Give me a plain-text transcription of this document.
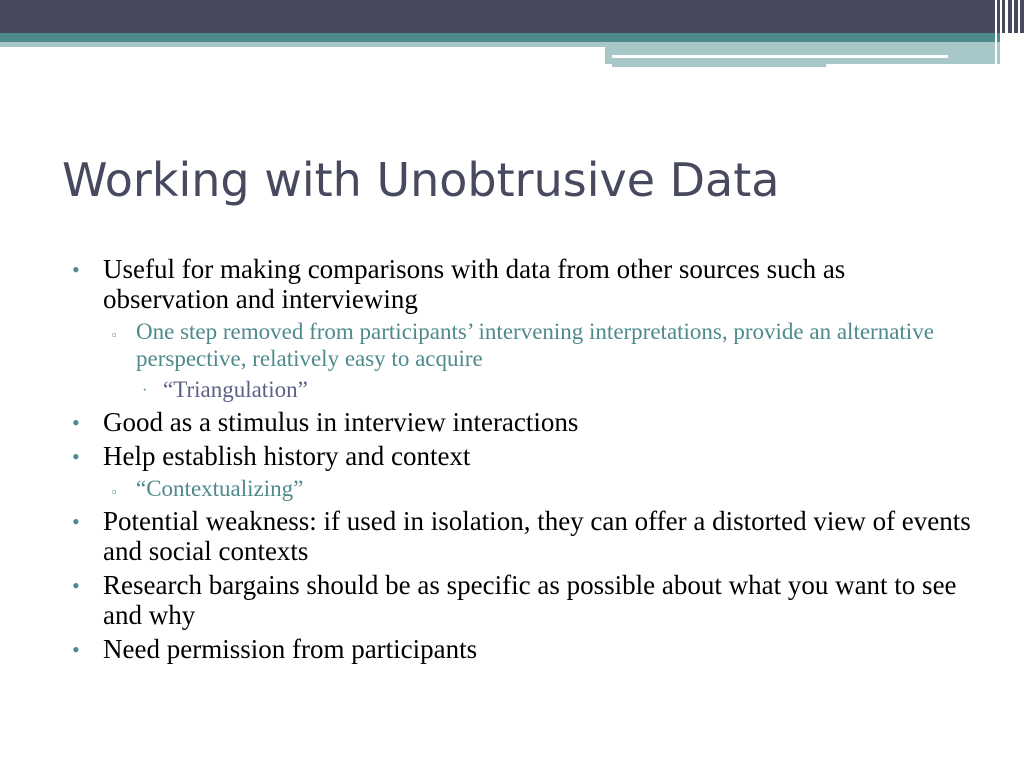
Working with Unobtrusive Data
• Useful for making comparisons with data from other sources such as observation and interviewing
▫ One step removed from participants’ intervening interpretations, provide an alternative perspective, relatively easy to acquire
· “Triangulation”
• Good as a stimulus in interview interactions
• Help establish history and context
▫ “Contextualizing”
• Potential weakness: if used in isolation, they can offer a distorted view of events and social contexts
• Research bargains should be as specific as possible about what you want to see and why
• Need permission from participants
